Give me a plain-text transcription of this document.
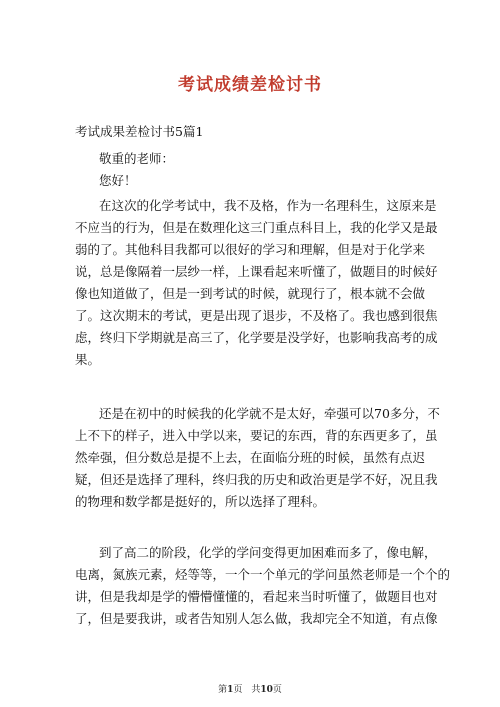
考试成绩差检讨书
考试成果差检讨书5篇1
敬重的老师：
您好！
在这次的化学考试中，我不及格，作为一名理科生，这原来是
不应当的行为，但是在数理化这三门重点科目上，我的化学又是最
弱的了。其他科目我都可以很好的学习和理解，但是对于化学来
说，总是像隔着一层纱一样，上课看起来听懂了，做题目的时候好
像也知道做了，但是一到考试的时候，就现行了，根本就不会做
了。这次期末的考试，更是出现了退步，不及格了。我也感到很焦
虑，终归下学期就是高三了，化学要是没学好，也影响我高考的成
果。
还是在初中的时候我的化学就不是太好，牵强可以70多分，不
上不下的样子，进入中学以来，要记的东西，背的东西更多了，虽
然牵强，但分数总是提不上去，在面临分班的时候，虽然有点迟
疑，但还是选择了理科，终归我的历史和政治更是学不好，况且我
的物理和数学都是挺好的，所以选择了理科。
到了高二的阶段，化学的学问变得更加困难而多了，像电解，
电离，氮族元素，烃等等，一个一个单元的学问虽然老师是一个个的
讲，但是我却是学的懵懵懂懂的，看起来当时听懂了，做题目也对
了，但是要我讲，或者告知别人怎么做，我却完全不知道，有点像
第1页　共10页
